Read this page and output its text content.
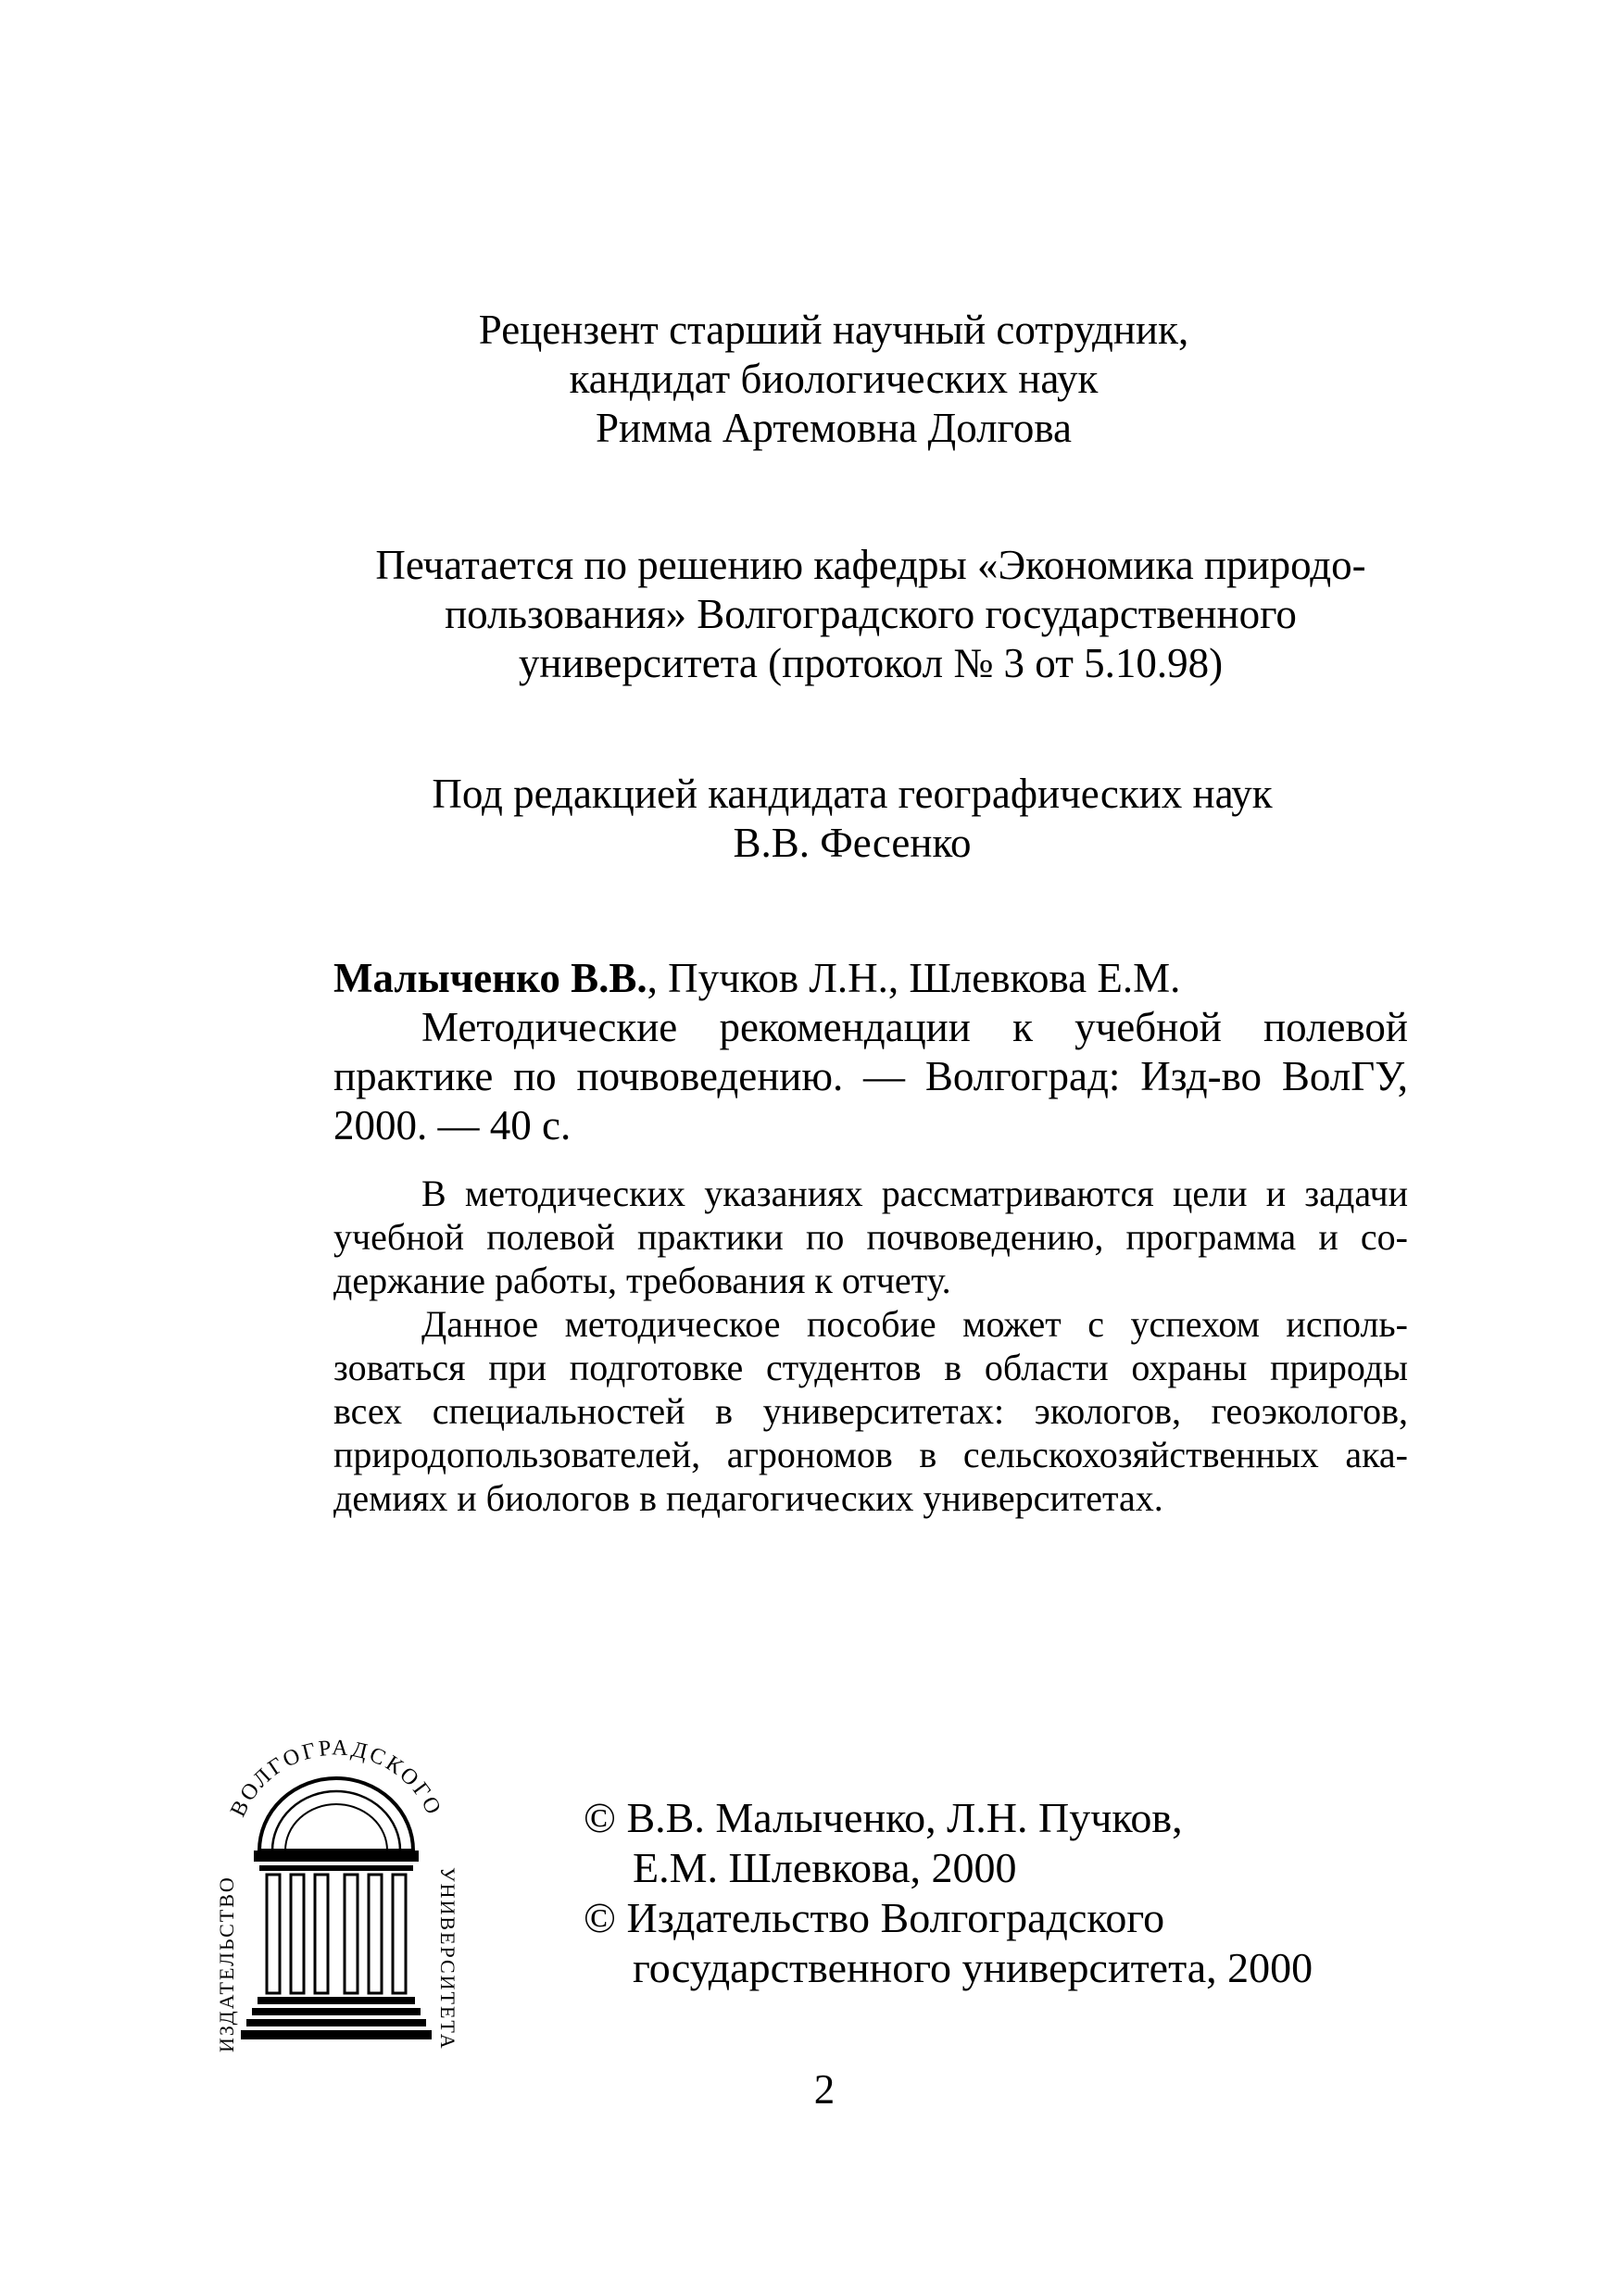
Рецензент старший научный сотрудник,
кандидат биологических наук
Римма Артемовна Долгова
Печатается по решению кафедры «Экономика природо-
пользования» Волгоградского государственного
университета (протокол № 3 от 5.10.98)
Под редакцией кандидата географических наук
В.В. Фесенко
Малыченко В.В., Пучков Л.Н., Шлевкова Е.М.
Методические рекомендации к учебной полевой
практике по почвоведению. — Волгоград: Изд-во ВолГУ,
2000. — 40 с.
В методических указаниях рассматриваются цели и задачи
учебной полевой практики по почвоведению, программа и со-
держание работы, требования к отчету.
Данное методическое пособие может с успехом исполь-
зоваться при подготовке студентов в области охраны природы
всех специальностей в университетах: экологов, геоэкологов,
природопользователей, агрономов в сельскохозяйственных ака-
демиях и биологов в педагогических университетах.
ВОЛГОГРАДСКОГО
ИЗДАТЕЛЬСТВО	УНИВЕРСИТЕТА
© В.В. Малыченко, Л.Н. Пучков,
Е.М. Шлевкова, 2000
© Издательство Волгоградского
государственного университета, 2000
2
